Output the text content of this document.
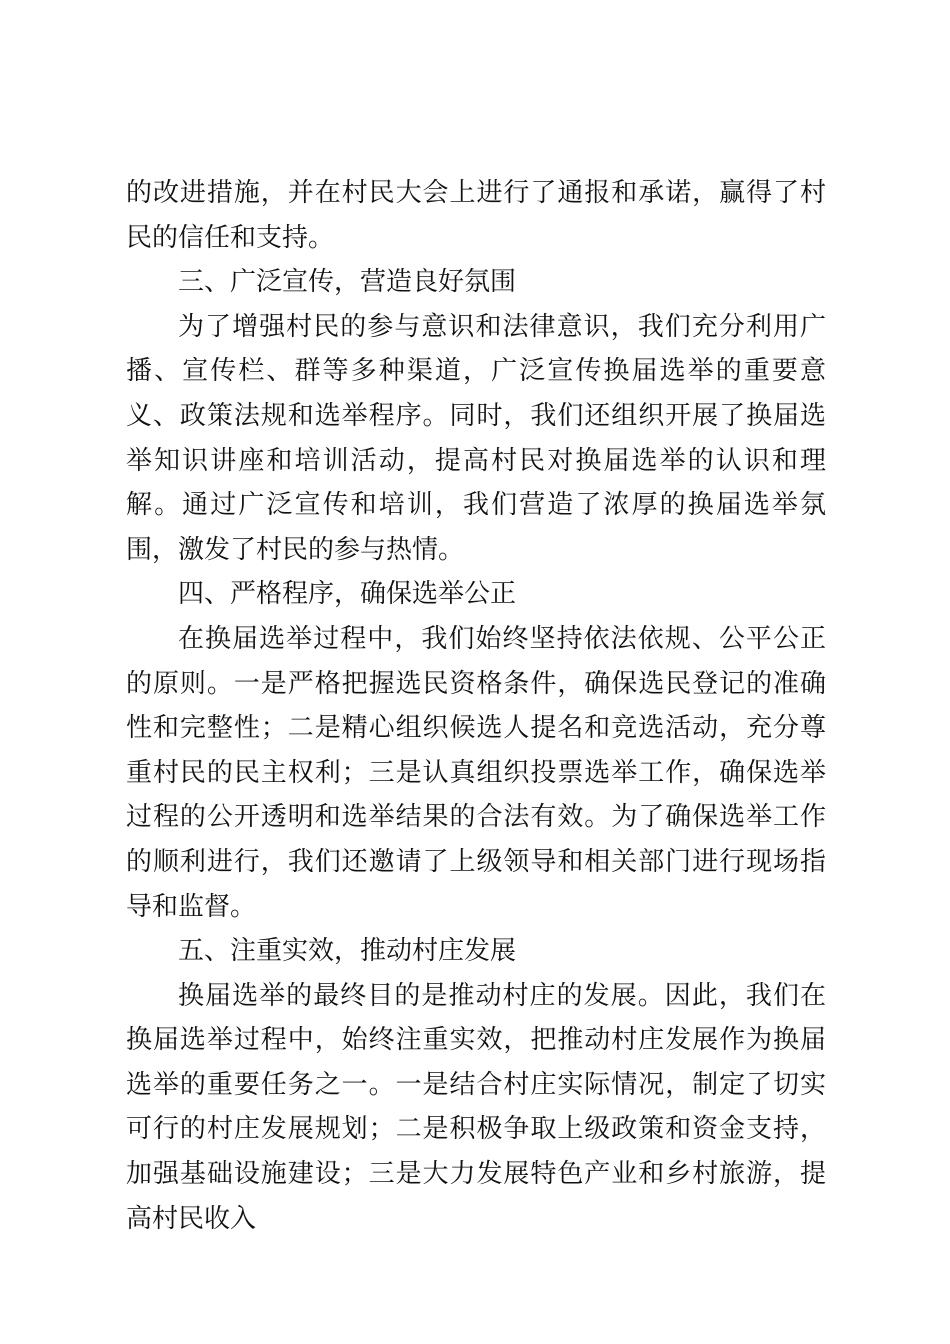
的改进措施，并在村民大会上进行了通报和承诺，赢得了村民的信任和支持。

三、广泛宣传，营造良好氛围

为了增强村民的参与意识和法律意识，我们充分利用广播、宣传栏、群等多种渠道，广泛宣传换届选举的重要意义、政策法规和选举程序。同时，我们还组织开展了换届选举知识讲座和培训活动，提高村民对换届选举的认识和理解。通过广泛宣传和培训，我们营造了浓厚的换届选举氛围，激发了村民的参与热情。

四、严格程序，确保选举公正

在换届选举过程中，我们始终坚持依法依规、公平公正的原则。一是严格把握选民资格条件，确保选民登记的准确性和完整性；二是精心组织候选人提名和竞选活动，充分尊重村民的民主权利；三是认真组织投票选举工作，确保选举过程的公开透明和选举结果的合法有效。为了确保选举工作的顺利进行，我们还邀请了上级领导和相关部门进行现场指导和监督。

五、注重实效，推动村庄发展

换届选举的最终目的是推动村庄的发展。因此，我们在换届选举过程中，始终注重实效，把推动村庄发展作为换届选举的重要任务之一。一是结合村庄实际情况，制定了切实可行的村庄发展规划；二是积极争取上级政策和资金支持，加强基础设施建设；三是大力发展特色产业和乡村旅游，提高村民收入
